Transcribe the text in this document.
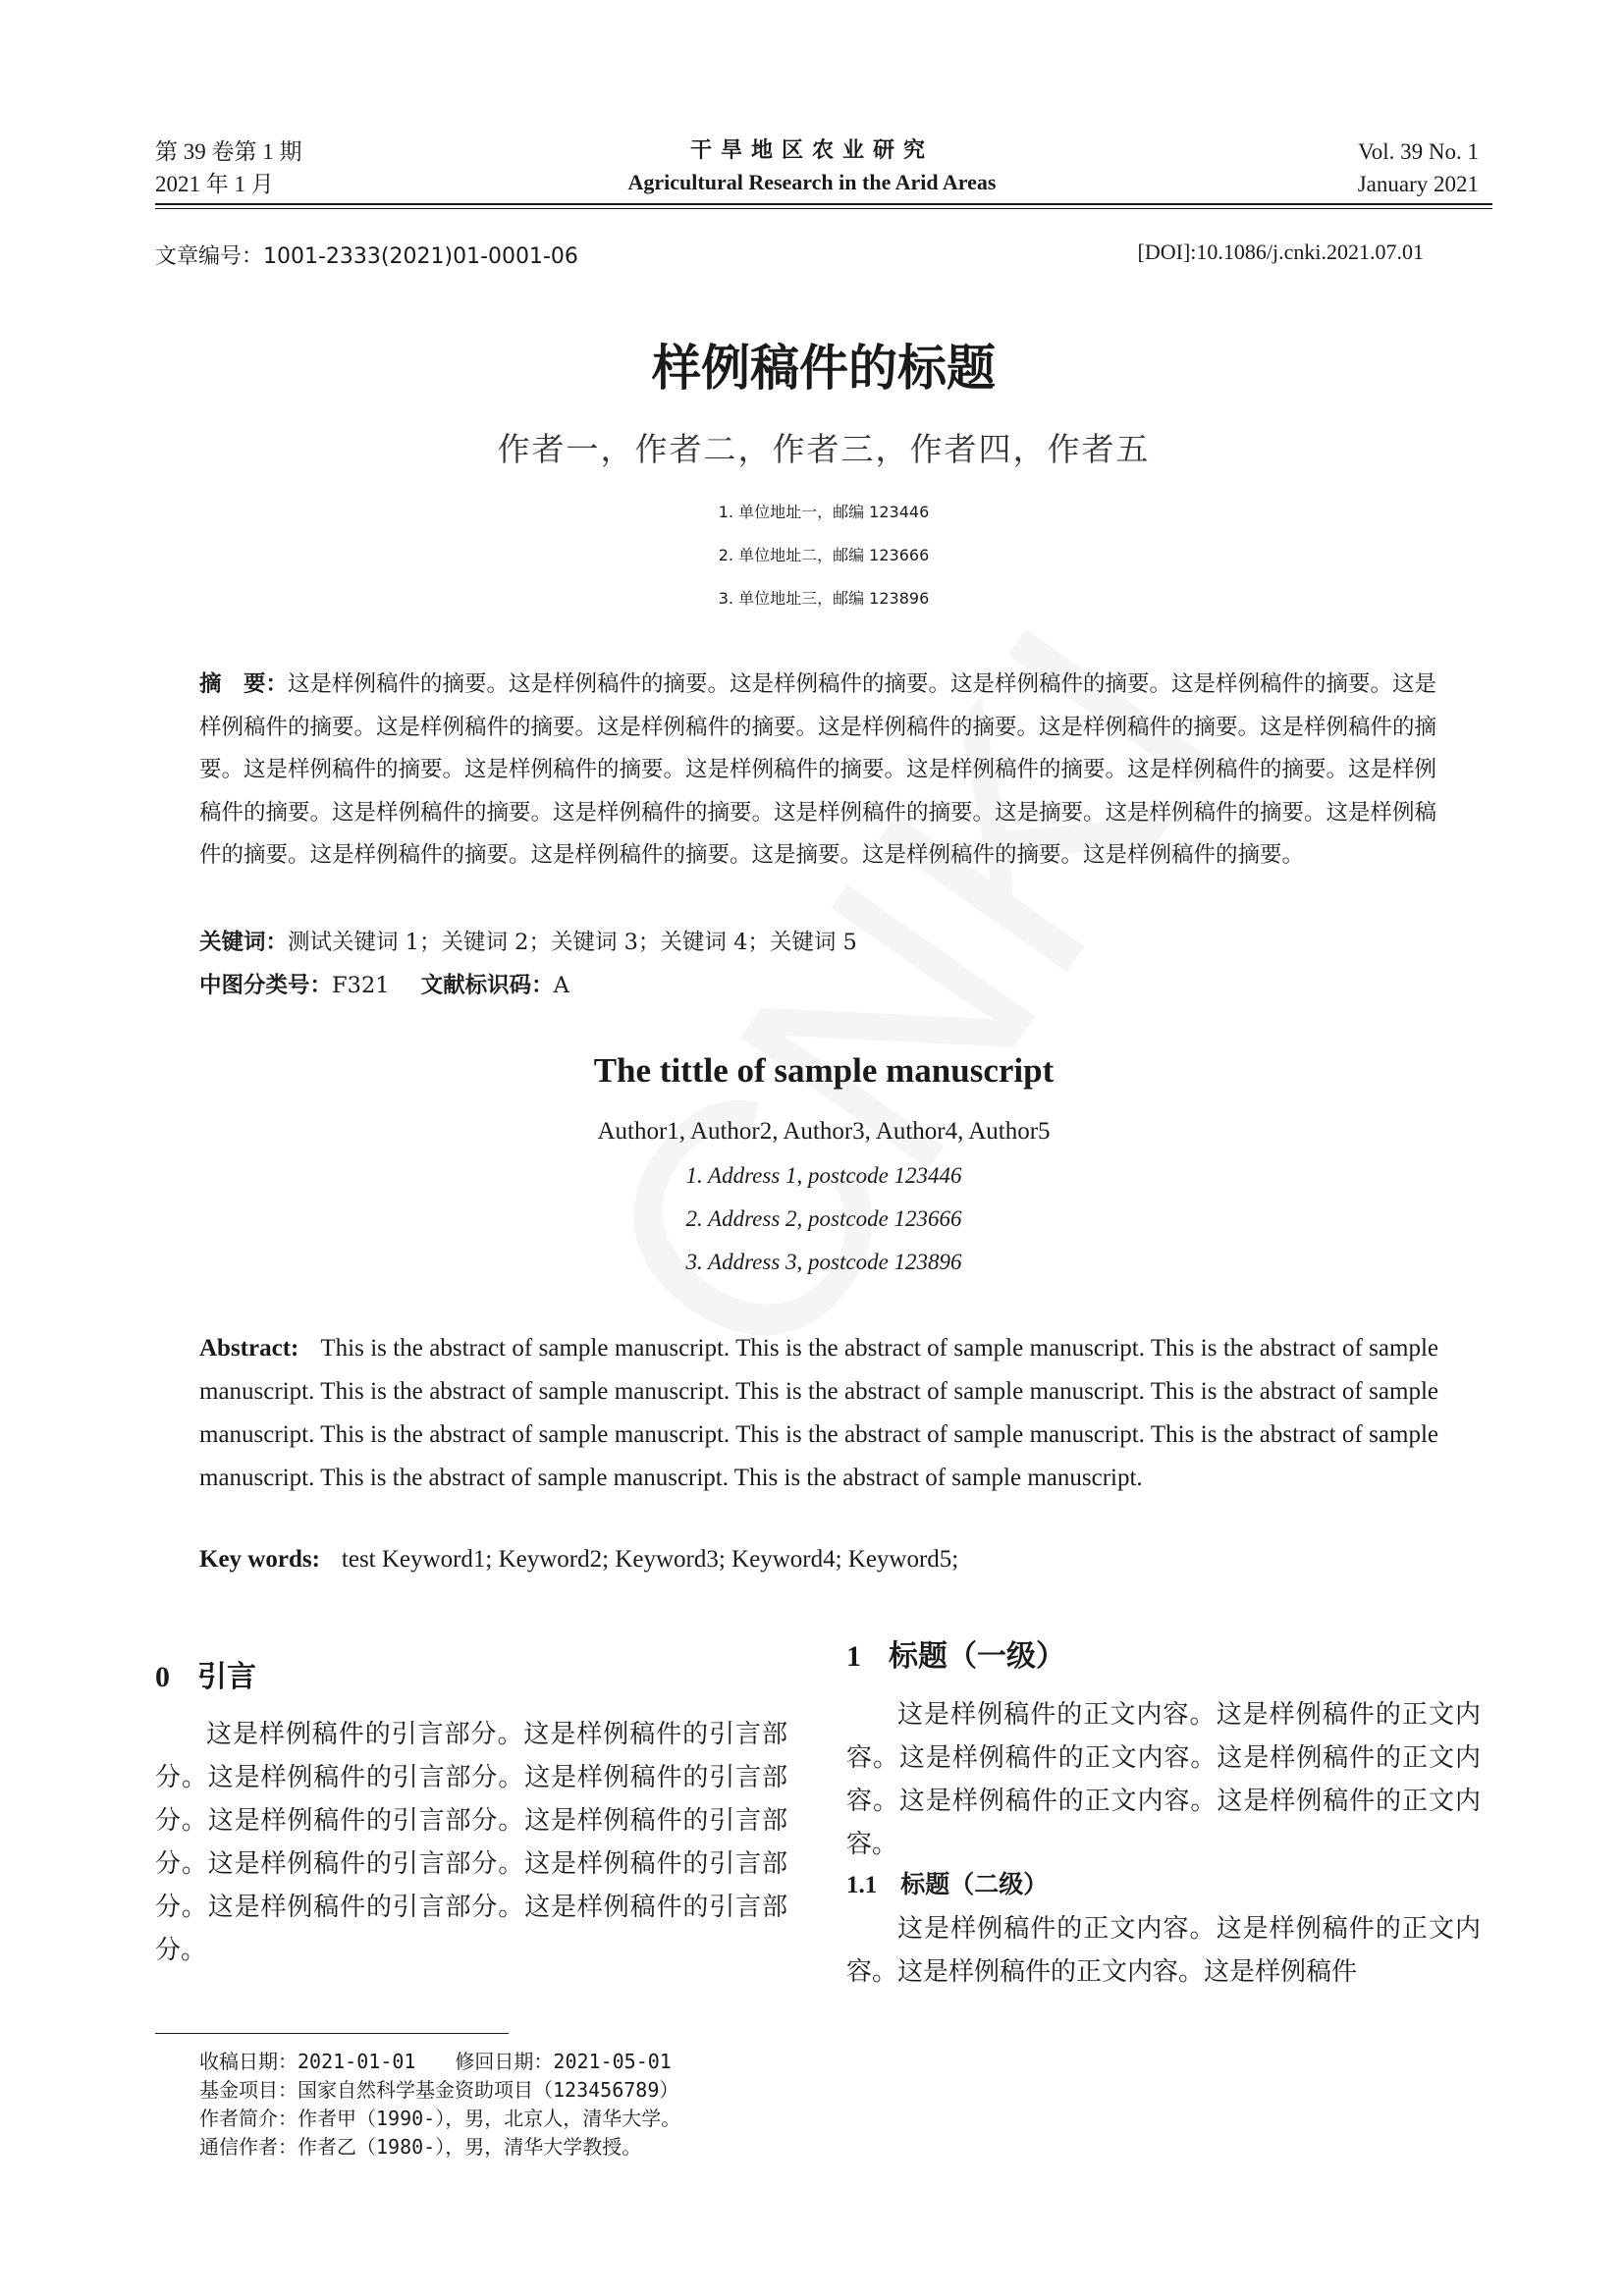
第 39 卷第 1 期
2021 年 1 月
干旱地区农业研究
Agricultural Research in the Arid Areas
Vol. 39 No. 1
January 2021
文章编号：1001-2333(2021)01-0001-06	[DOI]:10.1086/j.cnki.2021.07.01
样例稿件的标题
作者一，作者二，作者三，作者四，作者五
1. 单位地址一，邮编 123446
2. 单位地址二，邮编 123666
3. 单位地址三，邮编 123896
摘　要：这是样例稿件的摘要。这是样例稿件的摘要。这是样例稿件的摘要。这是样例稿件的摘要。这是样例稿件的摘要。这是样例稿件的摘要。这是样例稿件的摘要。这是样例稿件的摘要。这是样例稿件的摘要。这是样例稿件的摘要。这是样例稿件的摘要。这是样例稿件的摘要。这是样例稿件的摘要。这是样例稿件的摘要。这是样例稿件的摘要。这是样例稿件的摘要。这是样例稿件的摘要。这是样例稿件的摘要。这是样例稿件的摘要。这是样例稿件的摘要。这是摘要。这是样例稿件的摘要。这是样例稿件的摘要。这是样例稿件的摘要。这是样例稿件的摘要。这是摘要。这是样例稿件的摘要。这是样例稿件的摘要。
关键词：测试关键词 1；关键词 2；关键词 3；关键词 4；关键词 5
中图分类号：F321 文献标识码：A
The tittle of sample manuscript
Author1, Author2, Author3, Author4, Author5
1. Address 1, postcode 123446
2. Address 2, postcode 123666
3. Address 3, postcode 123896
Abstract: This is the abstract of sample manuscript. This is the abstract of sample manuscript. This is the abstract of sample manuscript. This is the abstract of sample manuscript. This is the abstract of sample manuscript. This is the abstract of sample manuscript. This is the abstract of sample manuscript. This is the abstract of sample manuscript. This is the abstract of sample manuscript. This is the abstract of sample manuscript. This is the abstract of sample manuscript.
Key words: test Keyword1; Keyword2; Keyword3; Keyword4; Keyword5;
0 引言
这是样例稿件的引言部分。这是样例稿件的引言部分。这是样例稿件的引言部分。这是样例稿件的引言部分。这是样例稿件的引言部分。这是样例稿件的引言部分。这是样例稿件的引言部分。这是样例稿件的引言部分。这是样例稿件的引言部分。这是样例稿件的引言部分。
1 标题（一级）
这是样例稿件的正文内容。这是样例稿件的正文内容。这是样例稿件的正文内容。这是样例稿件的正文内容。这是样例稿件的正文内容。这是样例稿件的正文内容。
1.1 标题（二级）
这是样例稿件的正文内容。这是样例稿件的正文内容。这是样例稿件的正文内容。这是样例稿件
收稿日期：2021-01-01 修回日期：2021-05-01
基金项目：国家自然科学基金资助项目（123456789）
作者简介：作者甲（1990-），男，北京人，清华大学。
通信作者：作者乙（1980-），男，清华大学教授。
